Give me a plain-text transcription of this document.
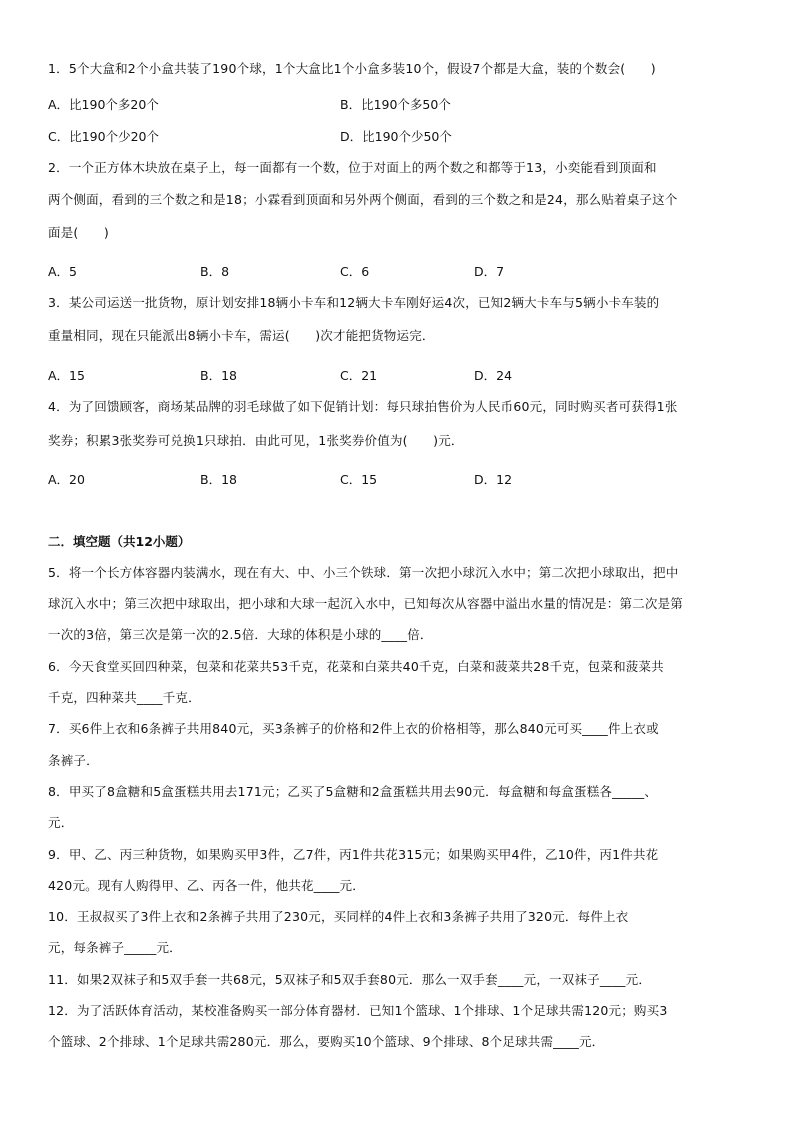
1．5个大盒和2个小盒共装了190个球，1个大盒比1个小盒多装10个，假设7个都是大盒，装的个数会(　　)
A．比190个多20个	B．比190个多50个
C．比190个少20个	D．比190个少50个
2．一个正方体木块放在桌子上，每一面都有一个数，位于对面上的两个数之和都等于13，小奕能看到顶面和
两个侧面，看到的三个数之和是18；小霖看到顶面和另外两个侧面，看到的三个数之和是24，那么贴着桌子这个
面是(　　)
A．5	B．8	C．6	D．7
3．某公司运送一批货物，原计划安排18辆小卡车和12辆大卡车刚好运4次，已知2辆大卡车与5辆小卡车装的
重量相同，现在只能派出8辆小卡车，需运(　　)次才能把货物运完．
A．15	B．18	C．21	D．24
4．为了回馈顾客，商场某品牌的羽毛球做了如下促销计划：每只球拍售价为人民币60元，同时购买者可获得1张
奖券；积累3张奖券可兑换1只球拍．由此可见，1张奖券价值为(　　)元．
A．20	B．18	C．15	D．12
二．填空题（共12小题）
5．将一个长方体容器内装满水，现在有大、中、小三个铁球．第一次把小球沉入水中；第二次把小球取出，把中
球沉入水中；第三次把中球取出，把小球和大球一起沉入水中，已知每次从容器中溢出水量的情况是：第二次是第
一次的3倍，第三次是第一次的2.5倍．大球的体积是小球的____倍．
6．今天食堂买回四种菜，包菜和花菜共53千克，花菜和白菜共40千克，白菜和菠菜共28千克，包菜和菠菜共
千克，四种菜共____千克．
7．买6件上衣和6条裤子共用840元，买3条裤子的价格和2件上衣的价格相等，那么840元可买____件上衣或
条裤子．
8．甲买了8盒糖和5盒蛋糕共用去171元；乙买了5盒糖和2盒蛋糕共用去90元．每盒糖和每盒蛋糕各_____、
元．
9．甲、乙、丙三种货物，如果购买甲3件，乙7件，丙1件共花315元；如果购买甲4件，乙10件，丙1件共花
420元。现有人购得甲、乙、丙各一件，他共花____元．
10．王叔叔买了3件上衣和2条裤子共用了230元，买同样的4件上衣和3条裤子共用了320元．每件上衣
元，每条裤子_____元．
11．如果2双袜子和5双手套一共68元，5双袜子和5双手套80元．那么一双手套____元，一双袜子____元．
12．为了活跃体育活动，某校准备购买一部分体育器材．已知1个篮球、1个排球、1个足球共需120元；购买3
个篮球、2个排球、1个足球共需280元．那么，要购买10个篮球、9个排球、8个足球共需____元．
